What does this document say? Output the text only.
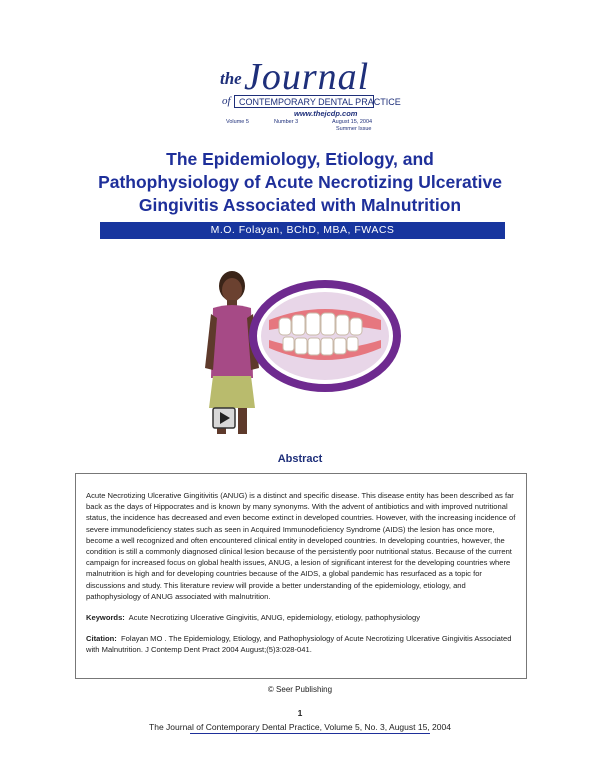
the Journal
of CONTEMPORARY DENTAL PRACTICE
www.thejcdp.com
Volume 5	Number 3	August 15, 2004
Summer Issue
The Epidemiology, Etiology, and
Pathophysiology of Acute Necrotizing Ulcerative
Gingivitis Associated with Malnutrition
M.O. Folayan, BChD, MBA, FWACS
Abstract

Acute Necrotizing Ulcerative Gingitivitis (ANUG) is a distinct and specific disease. This disease entity has been described as far back as the days of Hippocrates and is known by many synonyms. With the advent of antibiotics and with improved nutritional status, the incidence has decreased and even become extinct in developed countries. However, with the increasing incidence of severe immunodeficiency states such as seen in Acquired Immunodeficiency Syndrome (AIDS) the lesion has once more, become a well recognized and often encountered clinical entity in developed countries. In developing countries, however, the condition is still a commonly diagnosed clinical lesion because of the persistently poor nutritional status. Because of the current campaign for increased focus on global health issues, ANUG, a lesion of significant interest for the developing countries where malnutrition is high and for developing countries because of the AIDS, a global pandemic has resurfaced as a topic for discussions and study. This literature review will provide a better understanding of the epidemiology, etiology, and pathophysiology of ANUG associated with malnutrition.

Keywords: Acute Necrotizing Ulcerative Gingivitis, ANUG, epidemiology, etiology, pathophysiology

Citation: Folayan MO . The Epidemiology, Etiology, and Pathophysiology of Acute Necrotizing Ulcerative Gingivitis Associated with Malnutrition. J Contemp Dent Pract 2004 August;(5)3:028-041.

© Seer Publishing
1
The Journal of Contemporary Dental Practice, Volume 5, No. 3, August 15, 2004
